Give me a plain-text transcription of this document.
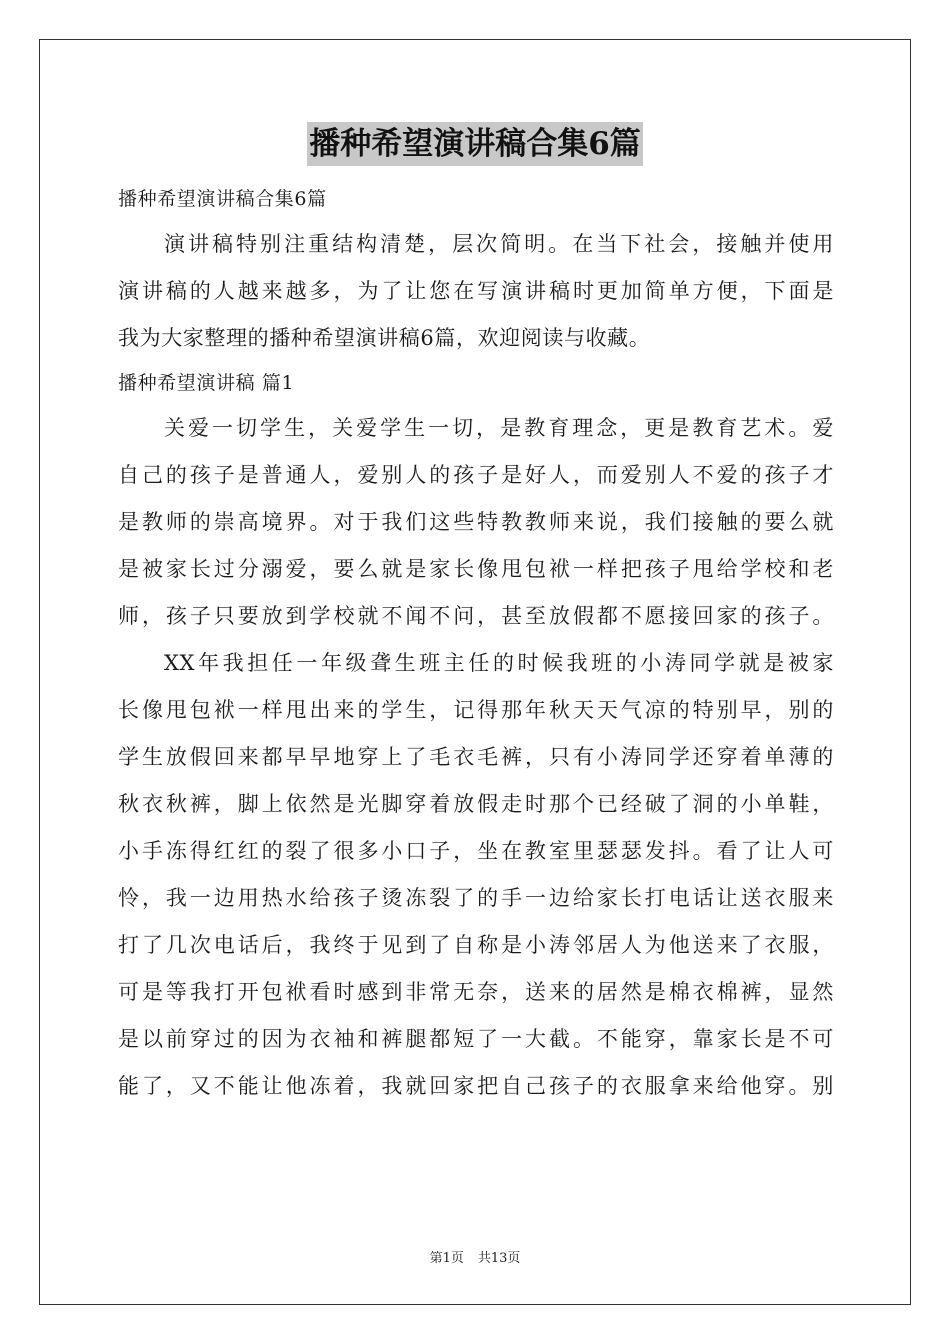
播种希望演讲稿合集6篇
播种希望演讲稿合集6篇
演讲稿特别注重结构清楚，层次简明。在当下社会，接触并使用
演讲稿的人越来越多，为了让您在写演讲稿时更加简单方便，下面是
我为大家整理的播种希望演讲稿6篇，欢迎阅读与收藏。
播种希望演讲稿 篇1
关爱一切学生，关爱学生一切，是教育理念，更是教育艺术。爱
自己的孩子是普通人，爱别人的孩子是好人，而爱别人不爱的孩子才
是教师的崇高境界。对于我们这些特教教师来说，我们接触的要么就
是被家长过分溺爱，要么就是家长像甩包袱一样把孩子甩给学校和老
师，孩子只要放到学校就不闻不问，甚至放假都不愿接回家的孩子。
XX年我担任一年级聋生班主任的时候我班的小涛同学就是被家
长像甩包袱一样甩出来的学生，记得那年秋天天气凉的特别早，别的
学生放假回来都早早地穿上了毛衣毛裤，只有小涛同学还穿着单薄的
秋衣秋裤，脚上依然是光脚穿着放假走时那个已经破了洞的小单鞋，
小手冻得红红的裂了很多小口子，坐在教室里瑟瑟发抖。看了让人可
怜，我一边用热水给孩子烫冻裂了的手一边给家长打电话让送衣服来
打了几次电话后，我终于见到了自称是小涛邻居人为他送来了衣服，
可是等我打开包袱看时感到非常无奈，送来的居然是棉衣棉裤，显然
是以前穿过的因为衣袖和裤腿都短了一大截。不能穿，靠家长是不可
能了，又不能让他冻着，我就回家把自己孩子的衣服拿来给他穿。别
第1页 共13页
